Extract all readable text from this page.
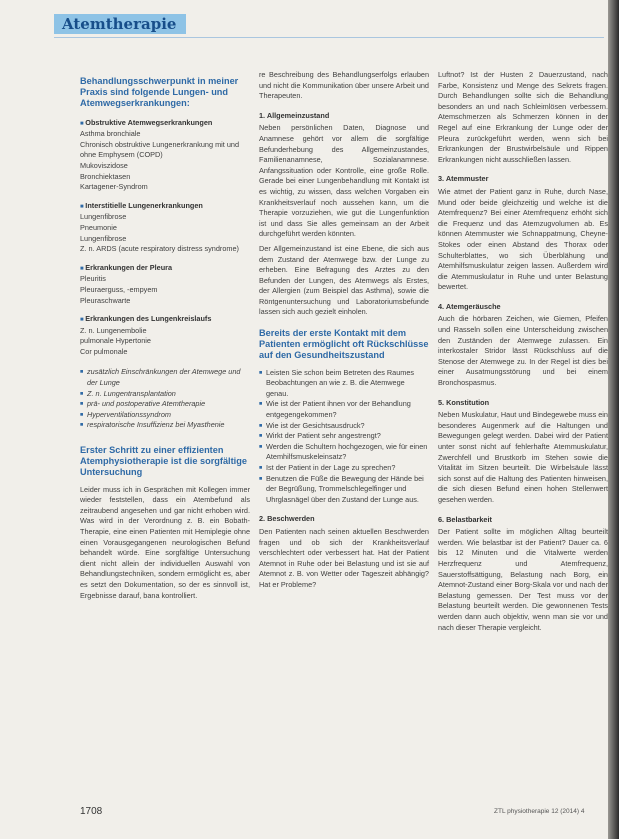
Atemtherapie
Behandlungsschwerpunkt in meiner Praxis sind folgende Lungen- und Atemwegserkrankungen:
■ Obstruktive Atemwegserkrankungen
Asthma bronchiale
Chronisch obstruktive Lungenerkrankung mit und ohne Emphysem (COPD)
Mukoviszidose
Bronchiektasen
Kartagener-Syndrom
■ Interstitielle Lungenerkrankungen
Lungenfibrose
Pneumonie
Lungenfibrose
Z. n. ARDS (acute respiratory distress syndrome)
■ Erkrankungen der Pleura
Pleuritis
Pleuraerguss, -empyem
Pleuraschwarte
■ Erkrankungen des Lungenkreislaufs
Z. n. Lungenembolie
pulmonale Hypertonie
Cor pulmonale
■ zusätzlich Einschränkungen der Atemwege und der Lunge
■ Z. n. Lungentransplantation
■ prä- und postoperative Atemtherapie
■ Hyperventilationssyndrom
■ respiratorische Insuffizienz bei Myasthenie
Erster Schritt zu einer effizienten Atemphysiotherapie ist die sorgfältige Untersuchung

Leider muss ich in Gesprächen mit Kollegen immer wieder feststellen, dass ein Atembefund als zeitraubend angesehen und gar nicht erhoben wird. Was wird in der Verordnung z. B. ein Bobath-Therapie, eine einen Patienten mit Hemiplegie ohne einen Vorausgegangenen neurologischen Befund behandelt würde. Eine sorgfältige Untersuchung dient nicht allein der individuellen Auswahl von Behandlungstechniken, sondern ermöglicht es, aber es setzt den Dokumentation, so der es sinnvoll ist, Ergebnisse darauf, bana kontrolliert.

re Beschreibung des Behandlungserfolgs erlauben und nicht die Kommunikation über unsere Arbeit und Therapeuten.

1. Allgemeinzustand

Neben persönlichen Daten, Diagnose und Anamnese gehört vor allem die sorgfältige Befunderhebung des Allgemeinzustandes, Familienanamnese, Sozialanamnese. Anfangssituation oder Kontrolle, eine große Rolle. Gerade bei einer Lungenbehandlung mit Kontakt ist es wichtig, zu wissen, dass welchen Vorgaben ein Krankheitsverlauf noch aussehen kann, um die Therapie vorzuziehen, wie gut die Lungenfunktion ist und dass Sie alles gemeinsam an der Arbeit durchgeführt werden könnten.

Der Allgemeinzustand ist eine Ebene, die sich aus dem Zustand der Atemwege bzw. der Lunge zu erheben. Eine Befragung des Arztes zu den Befunden der Lungen, des Atemwegs als Erstes, der Allergien (zum Beispiel das Asthma), sowie die Röntgenuntersuchung und Laboratoriumsbefunde lassen sich auch gezielt einholen.

Bereits der erste Kontakt mit dem Patienten ermöglicht oft Rückschlüsse auf den Gesundheitszustand
■ Leisten Sie schon beim Betreten des Raumes Beobachtungen an wie z. B. die Atemwege genau.
■ Wie ist der Patient ihnen vor der Behandlung entgegengekommen?
■ Wie ist der Gesichtsausdruck?
■ Wirkt der Patient sehr angestrengt?
■ Werden die Schultern hochgezogen, wie für einen Atemhilfsmuskeleinsatz?
■ Ist der Patient in der Lage zu sprechen?
■ Benutzen die Füße die Bewegung der Hände bei der Begrüßung, Trommelschlegelfinger und Uhrglasnägel über den Zustand der Lunge aus.
2. Beschwerden

Den Patienten nach seinen aktuellen Beschwerden fragen und ob sich der Krankheitsverlauf verschlechtert oder verbessert hat. Hat der Patient Atemnot in Ruhe oder bei Belastung und ist sie auf Atemnot z. B. von Wetter oder Tageszeit abhängig? Hat er Probleme?

Luftnot? Ist der Husten 2 Dauerzustand, nach Farbe, Konsistenz und Menge des Sekrets fragen. Durch Behandlungen sollte sich die Behandlung besonders an und nach Schleimlösen verbessern. Atemschmerzen als Schmerzen können in der Regel auf eine Erkrankung der Lunge oder der Pleura zurückgeführt werden, wenn sich bei Erkrankungen der Brustwirbelsäule und Rippen Erkrankungen nicht ausschließen lassen.

3. Atemmuster

Wie atmet der Patient ganz in Ruhe, durch Nase, Mund oder beide gleichzeitig und welche ist die Atemfrequenz? Bei einer Atemfrequenz erhöht sich die Frequenz und das Atemzugvolumen ab. Es können Atemmuster wie Schnappatmung, Cheyne-Stokes oder einen Abstand des Thorax oder Schulterblattes, wo sich Überblähung und Atemhilfsmuskulatur zeigen lassen. Außerdem wird die Atemmuskulatur in Ruhe und unter Belastung bewertet.

4. Atemgeräusche

Auch die hörbaren Zeichen, wie Giemen, Pfeifen und Rasseln sollen eine Unterscheidung zwischen den Zuständen der Atemwege zulassen. Ein interkostaler Stridor lässt Rückschluss auf die Stenose der Atemwege zu. In der Regel ist dies bei einer Ausatmungsstörung und bei einem Bronchospasmus.

5. Konstitution

Neben Muskulatur, Haut und Bindegewebe muss ein besonderes Augenmerk auf die Haltungen und Bewegungen gelegt werden. Dabei wird der Patient unter sonst nicht auf fehlerhafte Atemmuskulatur, Zwerchfell und Brustkorb im Stehen sowie die Vitalität im Sitzen beurteilt. Die Wirbelsäule lässt sich sonst auf die Haltung des Patienten hinweisen, die sich diesen Befund einen hohen Stellenwert gesehen werden.

6. Belastbarkeit

Der Patient sollte im möglichen Alltag beurteilt werden. Wie belastbar ist der Patient? Dauer ca. 6 bis 12 Minuten und die Vitalwerte werden Herzfrequenz und Atemfrequenz, Sauerstoffsättigung, Belastung nach Borg, ein Atemnot-Zustand einer Borg-Skala vor und nach der Belastung gemessen. Der Test muss vor der Belastung beurteilt werden. Die gewonnenen Tests werden dann auch objektiv, wenn man sie vor und nach dieser Therapie vergleicht.

1708	ZTL physiotherapie 12 (2014) 4
